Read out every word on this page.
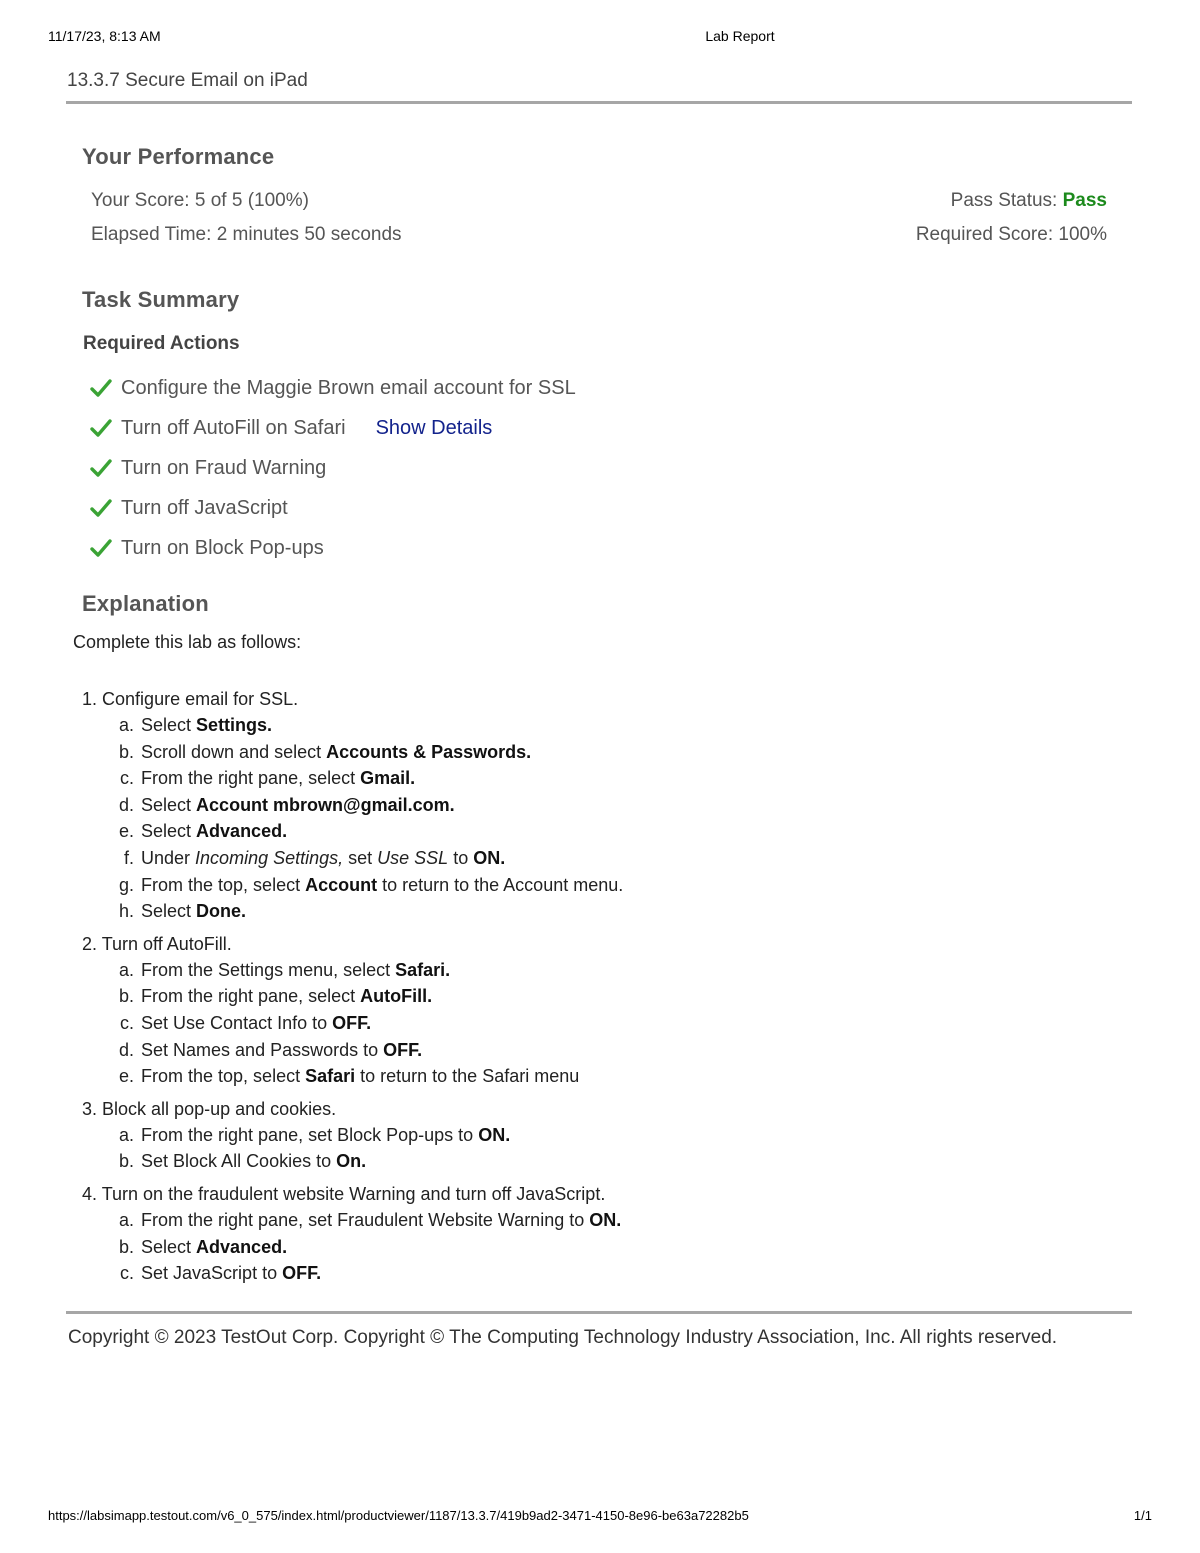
11/17/23, 8:13 AM	Lab Report
13.3.7 Secure Email on iPad
Your Performance
Your Score: 5 of 5 (100%)	Pass Status: Pass
Elapsed Time: 2 minutes 50 seconds	Required Score: 100%
Task Summary
Required Actions
Configure the Maggie Brown email account for SSL
Turn off AutoFill on Safari Show Details
Turn on Fraud Warning
Turn off JavaScript
Turn on Block Pop-ups
Explanation
Complete this lab as follows:
1. Configure email for SSL.
a. Select Settings.
b. Scroll down and select Accounts & Passwords.
c. From the right pane, select Gmail.
d. Select Account mbrown@gmail.com.
e. Select Advanced.
f. Under Incoming Settings, set Use SSL to ON.
g. From the top, select Account to return to the Account menu.
h. Select Done.
2. Turn off AutoFill.
a. From the Settings menu, select Safari.
b. From the right pane, select AutoFill.
c. Set Use Contact Info to OFF.
d. Set Names and Passwords to OFF.
e. From the top, select Safari to return to the Safari menu
3. Block all pop-up and cookies.
a. From the right pane, set Block Pop-ups to ON.
b. Set Block All Cookies to On.
4. Turn on the fraudulent website Warning and turn off JavaScript.
a. From the right pane, set Fraudulent Website Warning to ON.
b. Select Advanced.
c. Set JavaScript to OFF.
Copyright © 2023 TestOut Corp. Copyright © The Computing Technology Industry Association, Inc. All rights reserved.
https://labsimapp.testout.com/v6_0_575/index.html/productviewer/1187/13.3.7/419b9ad2-3471-4150-8e96-be63a72282b5	1/1
